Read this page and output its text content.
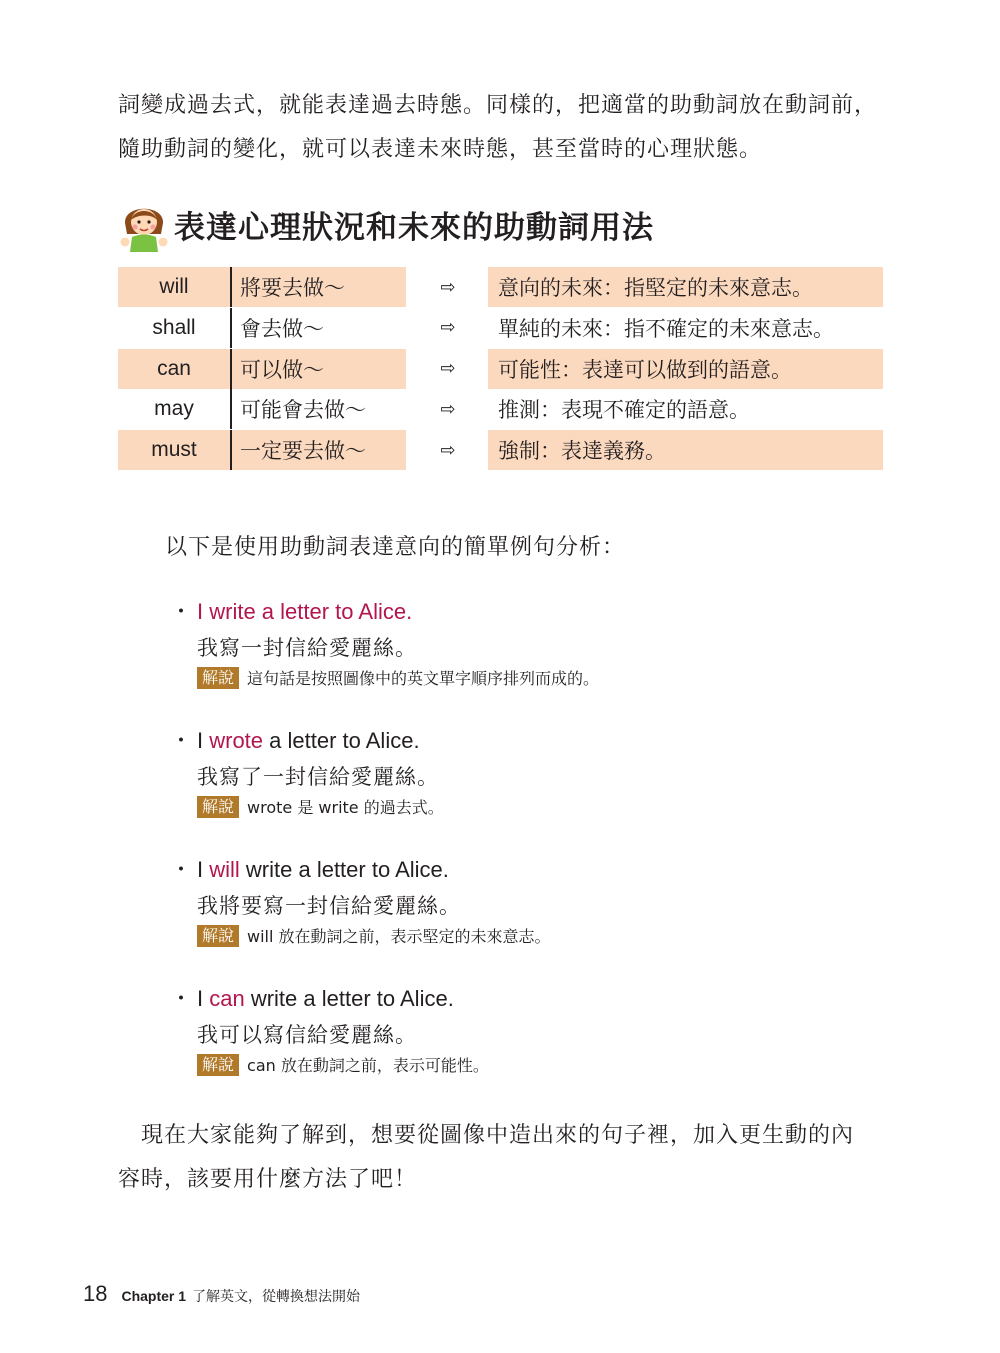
詞變成過去式，就能表達過去時態。同樣的，把適當的助動詞放在動詞前，

隨助動詞的變化，就可以表達未來時態，甚至當時的心理狀態。

表達心理狀況和未來的助動詞用法
will	將要去做～	⇨	意向的未來：指堅定的未來意志。
shall	會去做～	⇨	單純的未來：指不確定的未來意志。
can	可以做～	⇨	可能性：表達可以做到的語意。
may	可能會去做～	⇨	推測：表現不確定的語意。
must	一定要去做～	⇨	強制：表達義務。
以下是使用助動詞表達意向的簡單例句分析：
・ I write a letter to Alice.
我寫一封信給愛麗絲。
解說 這句話是按照圖像中的英文單字順序排列而成的。
・ I wrote a letter to Alice.
我寫了一封信給愛麗絲。
解說 wrote 是 write 的過去式。
・ I will write a letter to Alice.
我將要寫一封信給愛麗絲。
解說 will 放在動詞之前，表示堅定的未來意志。
・ I can write a letter to Alice.
我可以寫信給愛麗絲。
解說 can 放在動詞之前，表示可能性。

　現在大家能夠了解到，想要從圖像中造出來的句子裡，加入更生動的內

容時，該要用什麼方法了吧！

18 Chapter 1 了解英文，從轉換想法開始
